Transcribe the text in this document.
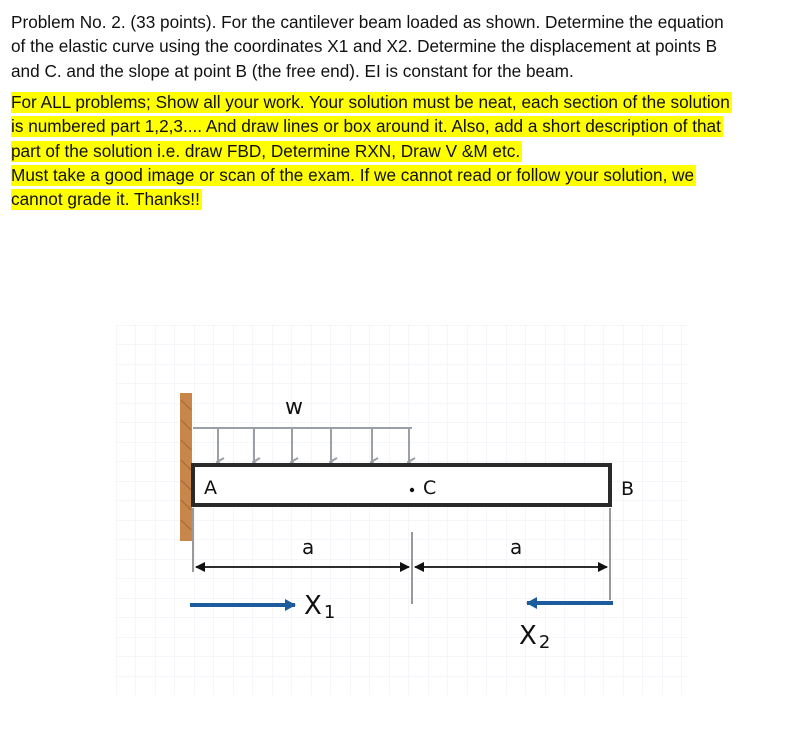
Problem No. 2. (33 points). For the cantilever beam loaded as shown. Determine the equation

of the elastic curve using the coordinates X1 and X2. Determine the displacement at points B

and C. and the slope at point B (the free end). EI is constant for the beam.

For ALL problems; Show all your work. Your solution must be neat, each section of the solution

is numbered part 1,2,3.... And draw lines or box around it. Also, add a short description of that

part of the solution i.e. draw FBD, Determine RXN, Draw V &M etc.

Must take a good image or scan of the exam. If we cannot read or follow your solution, we

cannot grade it. Thanks!!

w
A	C	B
a	a
X 1
X 2
